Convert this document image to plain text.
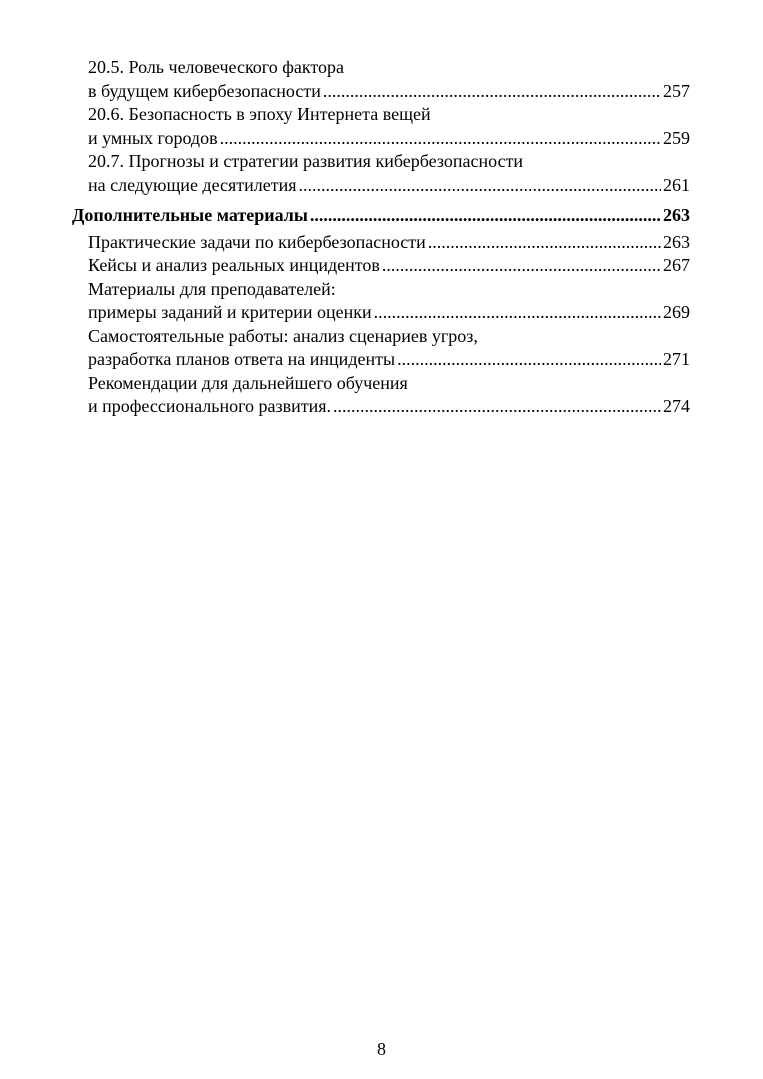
20.5. Роль человеческого фактора
в будущем кибербезопасности .....	257
20.6. Безопасность в эпоху Интернета вещей
и умных городов .....	259
20.7. Прогнозы и стратегии развития кибербезопасности
на следующие десятилетия .....	261
Дополнительные материалы .....	263
Практические задачи по кибербезопасности .....	263
Кейсы и анализ реальных инцидентов .....	267
Материалы для преподавателей:
примеры заданий и критерии оценки .....	269
Самостоятельные работы: анализ сценариев угроз,
разработка планов ответа на инциденты .....	271
Рекомендации для дальнейшего обучения
и профессионального развития. .....	274
8
